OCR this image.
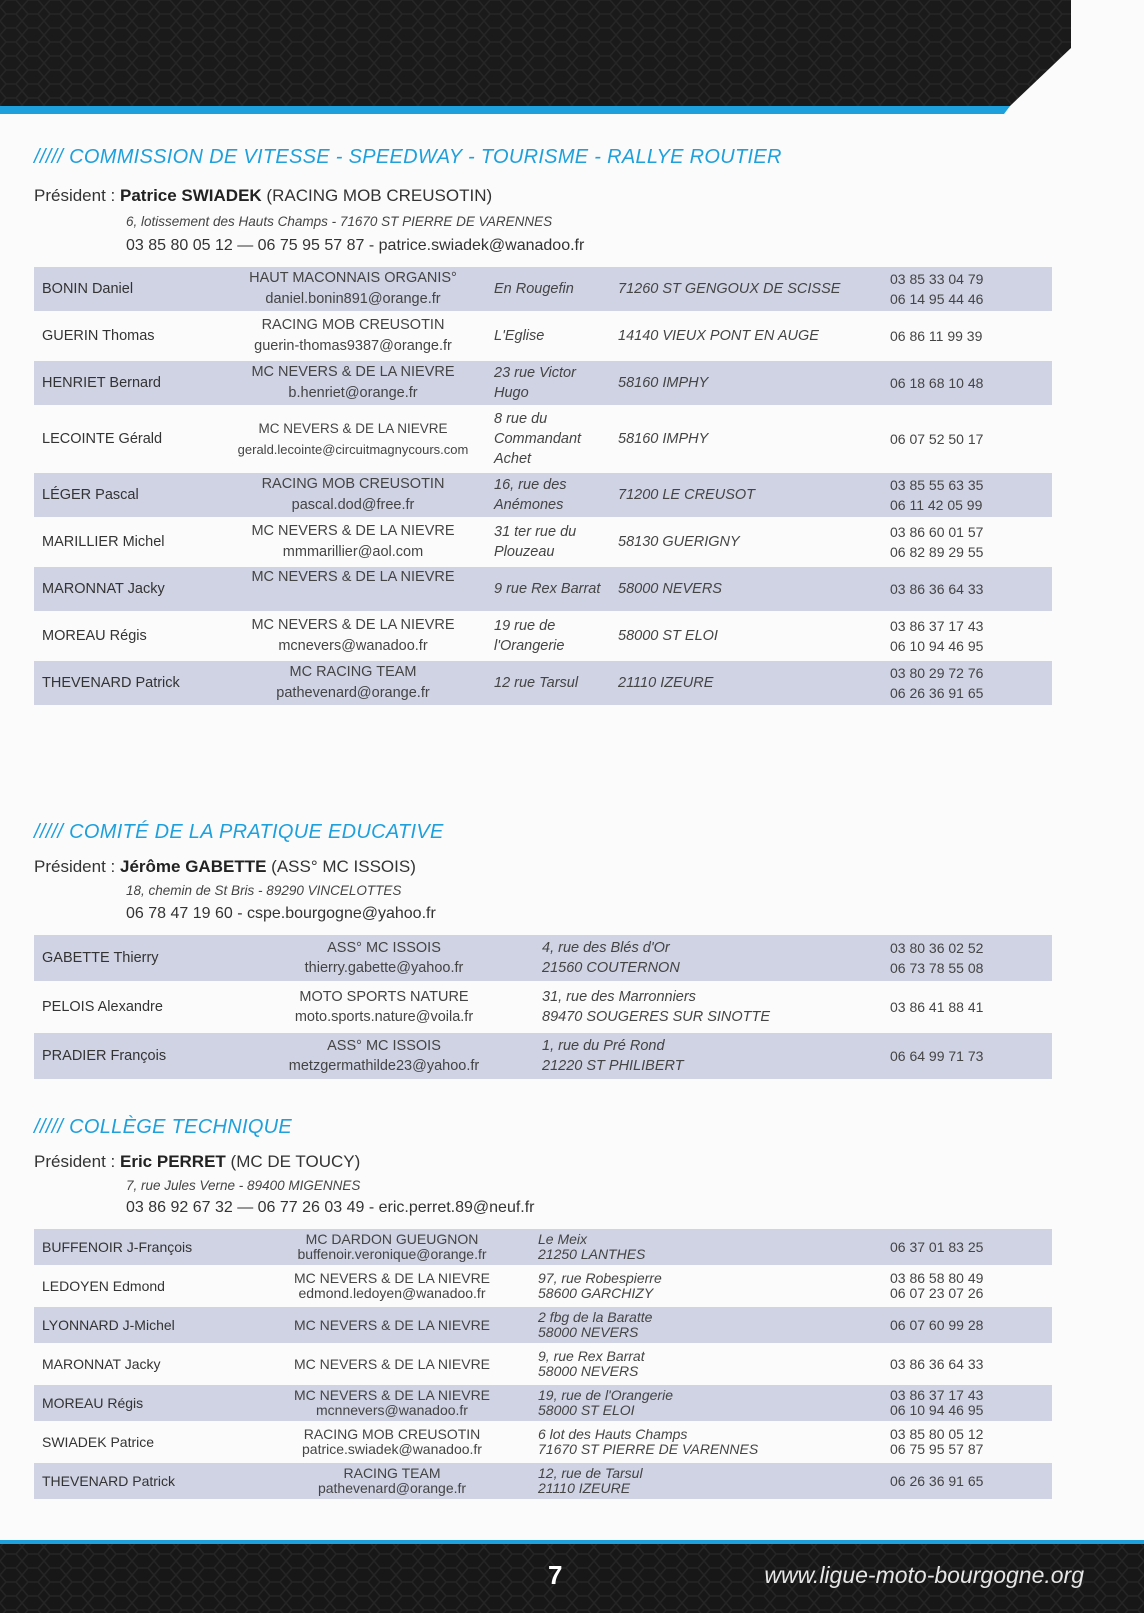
///// COMMISSION DE VITESSE - SPEEDWAY - TOURISME - RALLYE ROUTIER
Président : Patrice SWIADEK (RACING MOB CREUSOTIN)
6, lotissement des Hauts Champs - 71670 ST PIERRE DE VARENNES
03 85 80 05 12 — 06 75 95 57 87 - patrice.swiadek@wanadoo.fr
BONIN Daniel	HAUT MACONNAIS ORGANIS°
daniel.bonin891@orange.fr	En Rougefin	71260 ST GENGOUX DE SCISSE	03 85 33 04 79
06 14 95 44 46

GUERIN Thomas	RACING MOB CREUSOTIN
guerin-thomas9387@orange.fr	L'Eglise	14140 VIEUX PONT EN AUGE	06 86 11 99 39

HENRIET Bernard	MC NEVERS & DE LA NIEVRE
b.henriet@orange.fr	23 rue Victor Hugo	58160 IMPHY	06 18 68 10 48

LECOINTE Gérald	MC NEVERS & DE LA NIEVRE
gerald.lecointe@circuitmagnycours.com	8 rue du Commandant Achet	58160 IMPHY	06 07 52 50 17

LÉGER Pascal	RACING MOB CREUSOTIN
pascal.dod@free.fr	16, rue des Anémones	71200 LE CREUSOT	03 85 55 63 35
06 11 42 05 99

MARILLIER Michel	MC NEVERS & DE LA NIEVRE
mmmarillier@aol.com	31 ter rue du Plouzeau	58130 GUERIGNY	03 86 60 01 57
06 82 89 29 55

MARONNAT Jacky	MC NEVERS & DE LA NIEVRE	9 rue Rex Barrat	58000 NEVERS	03 86 36 64 33

MOREAU Régis	MC NEVERS & DE LA NIEVRE
mcnevers@wanadoo.fr	19 rue de l'Orangerie	58000 ST ELOI	03 86 37 17 43
06 10 94 46 95

THEVENARD Patrick	MC RACING TEAM
pathevenard@orange.fr	12 rue Tarsul	21110 IZEURE	03 80 29 72 76
06 26 36 91 65
///// COMITÉ DE LA PRATIQUE EDUCATIVE
Président : Jérôme GABETTE (ASS° MC ISSOIS)
18, chemin de St Bris - 89290 VINCELOTTES
06 78 47 19 60 - cspe.bourgogne@yahoo.fr
GABETTE Thierry	ASS° MC ISSOIS
thierry.gabette@yahoo.fr	4, rue des Blés d'Or
21560 COUTERNON	03 80 36 02 52
06 73 78 55 08

PELOIS Alexandre	MOTO SPORTS NATURE
moto.sports.nature@voila.fr	31, rue des Marronniers
89470 SOUGERES SUR SINOTTE	03 86 41 88 41

PRADIER François	ASS° MC ISSOIS
metzgermathilde23@yahoo.fr	1, rue du Pré Rond
21220 ST PHILIBERT	06 64 99 71 73
///// COLLÈGE TECHNIQUE
Président : Eric PERRET (MC DE TOUCY)
7, rue Jules Verne - 89400 MIGENNES
03 86 92 67 32 — 06 77 26 03 49 - eric.perret.89@neuf.fr
BUFFENOIR J-François	MC DARDON GUEUGNON
buffenoir.veronique@orange.fr	Le Meix
21250 LANTHES	06 37 01 83 25

LEDOYEN Edmond	MC NEVERS & DE LA NIEVRE
edmond.ledoyen@wanadoo.fr	97, rue Robespierre
58600 GARCHIZY	03 86 58 80 49
06 07 23 07 26

LYONNARD J-Michel	MC NEVERS & DE LA NIEVRE	2 fbg de la Baratte
58000 NEVERS	06 07 60 99 28

MARONNAT Jacky	MC NEVERS & DE LA NIEVRE	9, rue Rex Barrat
58000 NEVERS	03 86 36 64 33

MOREAU Régis	MC NEVERS & DE LA NIEVRE
mcnnevers@wanadoo.fr	19, rue de l'Orangerie
58000 ST ELOI	03 86 37 17 43
06 10 94 46 95

SWIADEK Patrice	RACING MOB CREUSOTIN
patrice.swiadek@wanadoo.fr	6 lot des Hauts Champs
71670 ST PIERRE DE VARENNES	03 85 80 05 12
06 75 95 57 87

THEVENARD Patrick	RACING TEAM
pathevenard@orange.fr	12, rue de Tarsul
21110 IZEURE	06 26 36 91 65
7	www.ligue-moto-bourgogne.org
